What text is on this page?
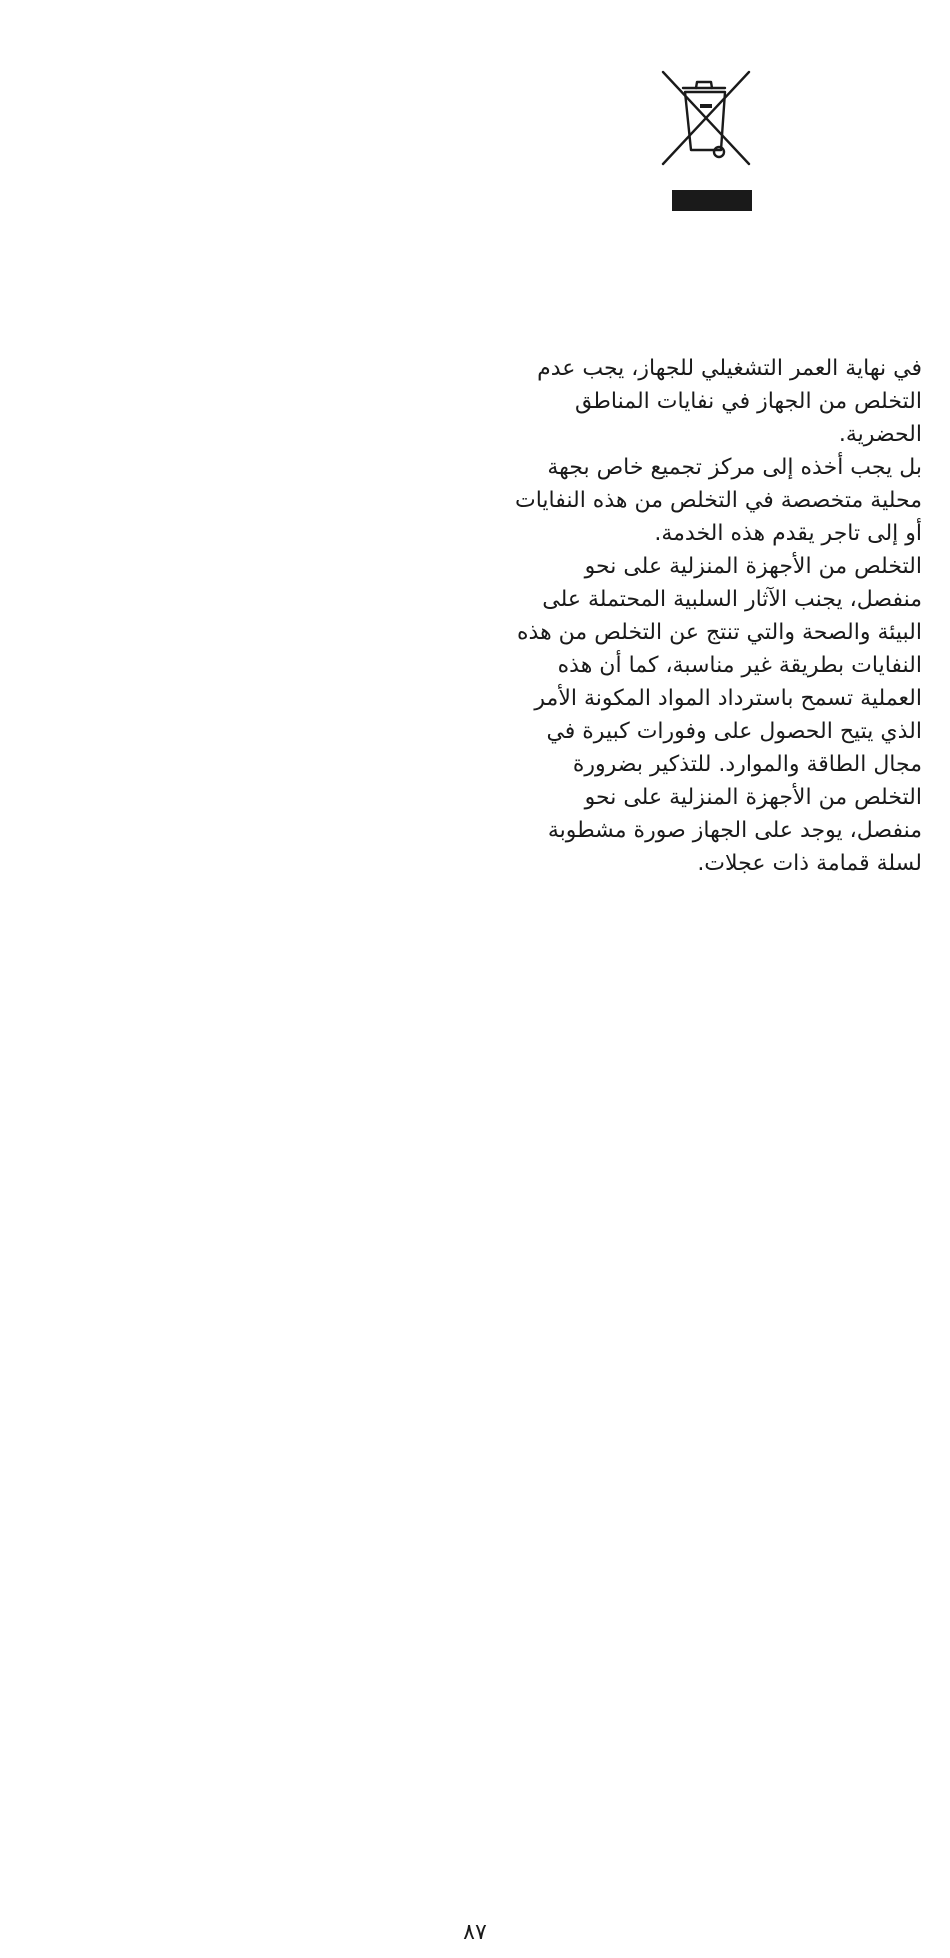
في نهاية العمر التشغيلي للجهاز، يجب عدم
التخلص من الجهاز في نفايات المناطق
الحضرية.

بل يجب أخذه إلى مركز تجميع خاص بجهة
محلية متخصصة في التخلص من هذه النفايات
أو إلى تاجر يقدم هذه الخدمة.

التخلص من الأجهزة المنزلية على نحو
منفصل، يجنب الآثار السلبية المحتملة على
البيئة والصحة والتي تنتج عن التخلص من هذه
النفايات بطريقة غير مناسبة، كما أن هذه
العملية تسمح باسترداد المواد المكونة الأمر
الذي يتيح الحصول على وفورات كبيرة في
مجال الطاقة والموارد. للتذكير بضرورة
التخلص من الأجهزة المنزلية على نحو
منفصل، يوجد على الجهاز صورة مشطوبة
لسلة قمامة ذات عجلات.

٨٧
